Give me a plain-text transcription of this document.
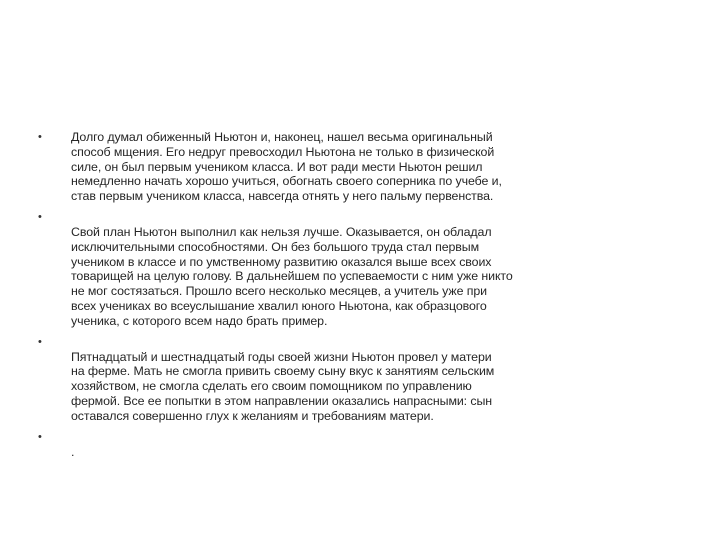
• Долго думал обиженный Ньютон и, наконец, нашел весьма оригинальный
способ мщения. Его недруг превосходил Ньютона не только в физической
силе, он был первым учеником класса. И вот ради мести Ньютон решил
немедленно начать хорошо учиться, обогнать своего соперника по учебе и,
став первым учеником класса, навсегда отнять у него пальму первенства.
•
Свой план Ньютон выполнил как нельзя лучше. Оказывается, он обладал
исключительными способностями. Он без большого труда стал первым
учеником в классе и по умственному развитию оказался выше всех своих
товарищей на целую голову. В дальнейшем по успеваемости с ним уже никто
не мог состязаться. Прошло всего несколько месяцев, а учитель уже при
всех учениках во всеуслышание хвалил юного Ньютона, как образцового
ученика, с которого всем надо брать пример.
•
Пятнадцатый и шестнадцатый годы своей жизни Ньютон провел у матери
на ферме. Мать не смогла привить своему сыну вкус к занятиям сельским
хозяйством, не смогла сделать его своим помощником по управлению
фермой. Все ее попытки в этом направлении оказались напрасными: сын
оставался совершенно глух к желаниям и требованиям матери.
•
.
